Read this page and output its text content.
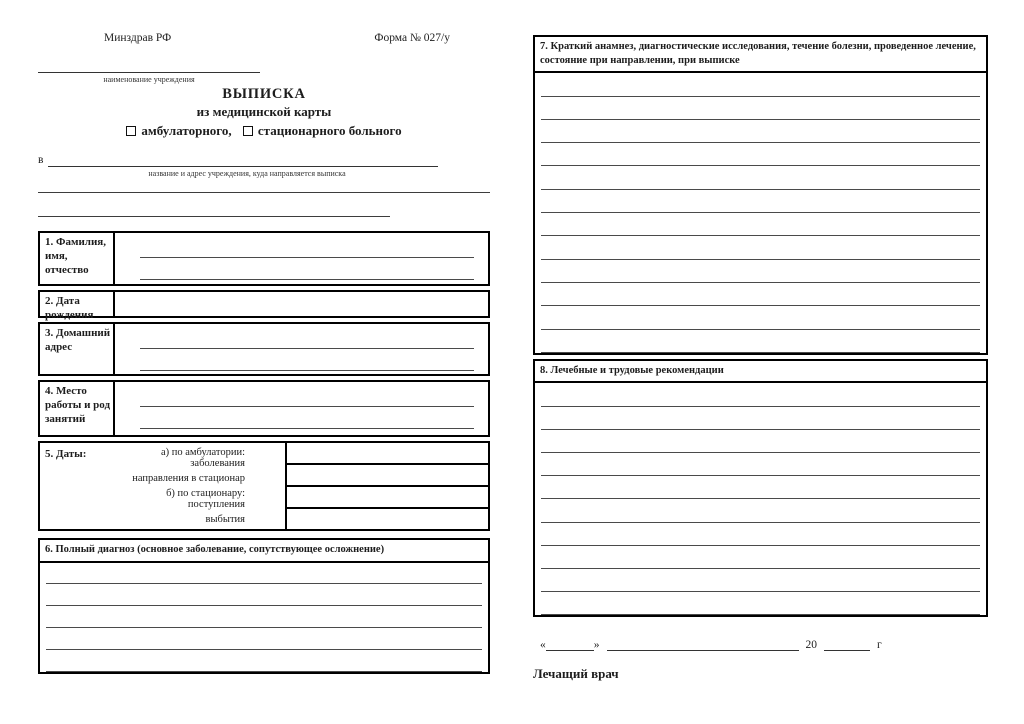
Минздрав РФ	Форма № 027/у
наименование учреждения
ВЫПИСКА
из медицинской карты
амбулаторного, стационарного больного
в
название и адрес учреждения, куда направляется выписка
1. Фамилия, имя, отчество
2. Дата рождения
3. Домашний адрес
4. Место работы и род занятий
5. Даты:	а) по амбулатории: заболевания
направления в стационар
б) по стационару: поступления
выбытия
6. Полный диагноз (основное заболевание, сопутствующее осложнение)
7. Краткий анамнез, диагностические исследования, течение болезни, проведенное лечение, состояние при направлении, при выписке
8. Лечебные и трудовые рекомендации
«	»	20	г
Лечащий врач
